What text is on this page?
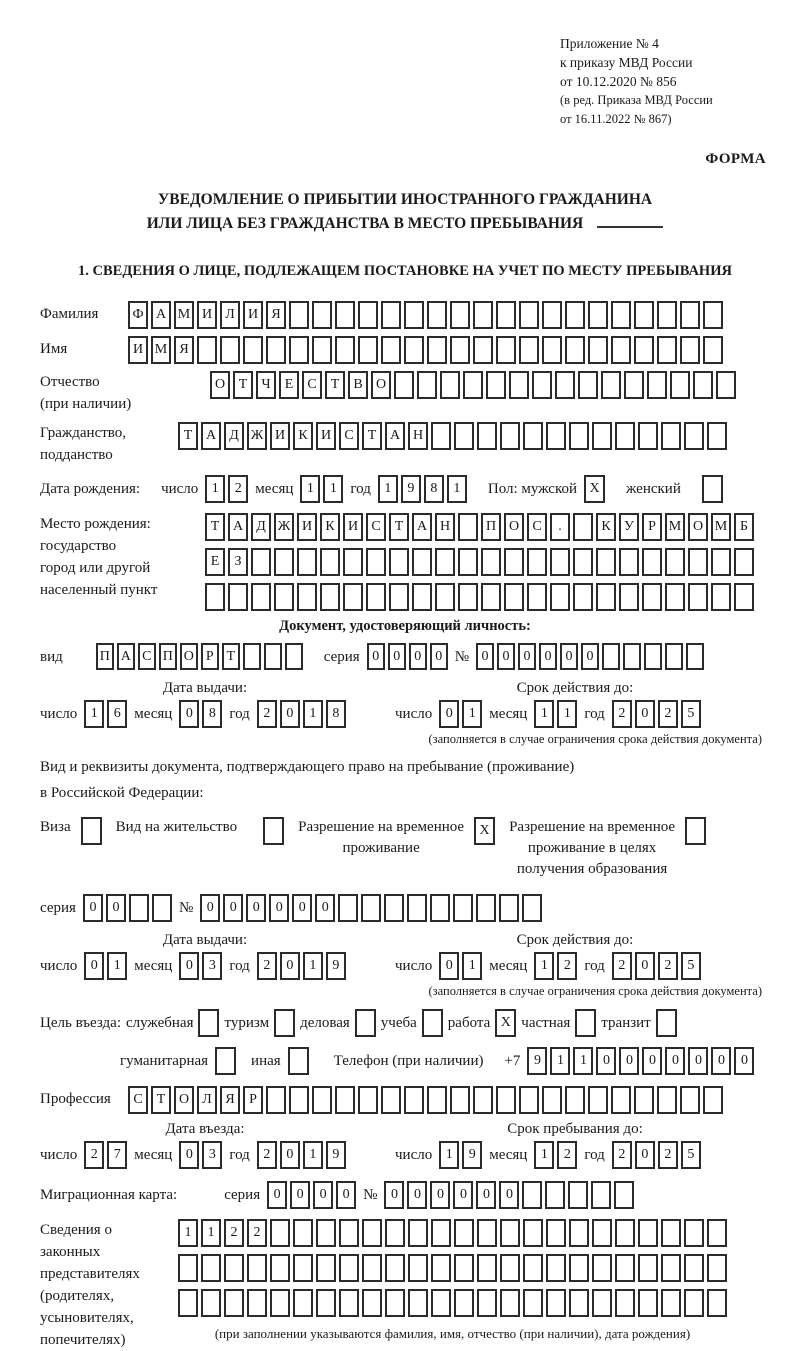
Приложение № 4
к приказу МВД России
от 10.12.2020 № 856
(в ред. Приказа МВД России
от 16.11.2022 № 867)
ФОРМА
УВЕДОМЛЕНИЕ О ПРИБЫТИИ ИНОСТРАННОГО ГРАЖДАНИНА
ИЛИ ЛИЦА БЕЗ ГРАЖДАНСТВА В МЕСТО ПРЕБЫВАНИЯ
1. СВЕДЕНИЯ О ЛИЦЕ, ПОДЛЕЖАЩЕМ ПОСТАНОВКЕ НА УЧЕТ ПО МЕСТУ ПРЕБЫВАНИЯ
Фамилия	Ф А М И Л И Я
Имя	И М Я
Отчество
(при наличии)
О Т	Ч	Е	С	Т	В О
Гражданство,
подданство
Т А Д Ж И К И С	Т А Н
Дата рождения: число 1	2 месяц 1	1 год 1	9	8	1	Пол: мужской X	женский
Место рождения:
государство
город или другой
населенный пункт
Т А Д Ж И К И С	Т А Н	П О С	.	К У	Р М О М Б
Е	З
Документ, удостоверяющий личность:
вид	П А С П О Р Т	серия 0	0	0	0 № 0	0	0	0	0	0
Дата выдачи:
число 1	6 месяц 0	8 год 2	0	1	8
Срок действия до:
число 0	1 месяц 1	1 год 2	0	2	5
(заполняется в случае ограничения срока действия документа)
Вид и реквизиты документа, подтверждающего право на пребывание (проживание)
в Российской Федерации:
Виза	Вид на жительство	Разрешение на временное
проживание
X	Разрешение на временное
проживание в целях
получения образования
серия 0	0	№ 0	0	0	0	0	0
Дата выдачи:
число 0	1 месяц 0	3 год 2	0	1	9
Срок действия до:
число 0	1 месяц 1	2 год 2	0	2	5
(заполняется в случае ограничения срока действия документа)
Цель въезда: служебная туризм деловая учеба работа X частная транзит
гуманитарная	иная	Телефон (при наличии) +7 9	1	1	0	0	0	0	0	0	0
Профессия	С	Т О Л Я	Р
Дата въезда:
число 2	7 месяц 0	3 год 2	0	1	9
Срок пребывания до:
число 1	9 месяц 1	2 год 2	0	2	5
Миграционная карта:	серия 0	0	0	0 № 0	0	0	0	0	0
Сведения о
законных
представителях
(родителях,
усыновителях,
попечителях)
1	1	2	2
(при заполнении указываются фамилия, имя, отчество (при наличии), дата рождения)
